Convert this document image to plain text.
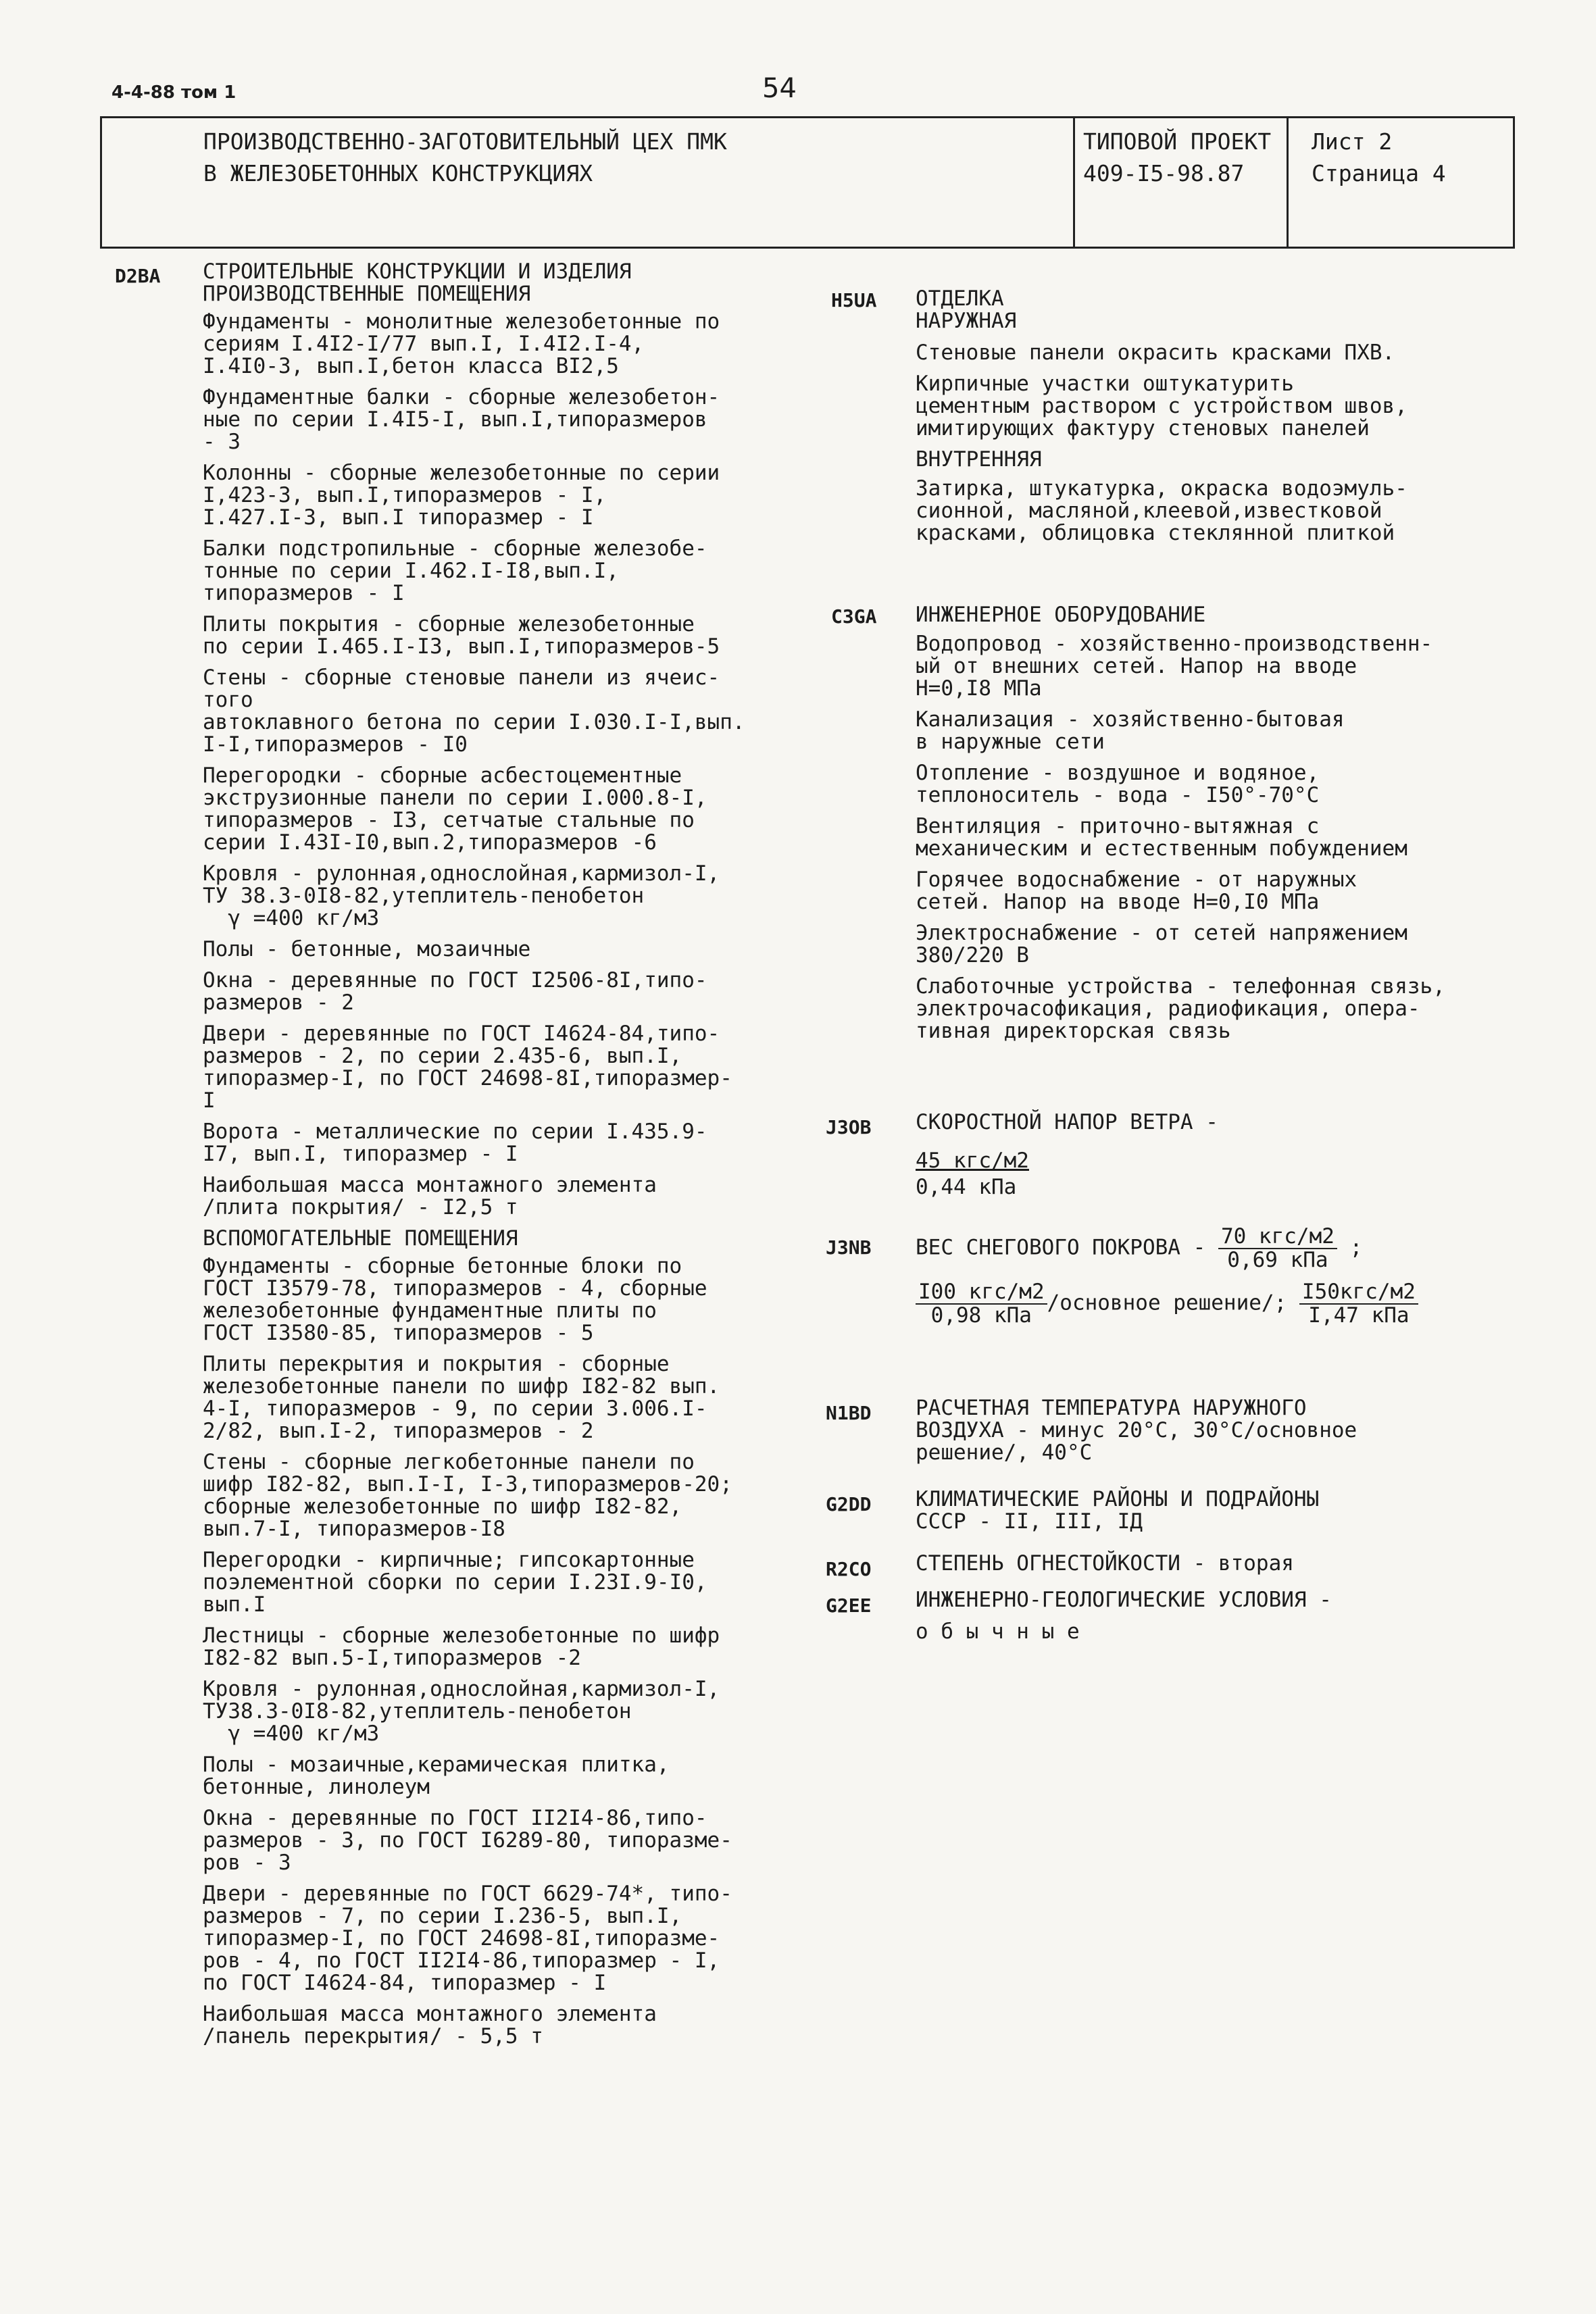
4-4-88 том 1	54
ПРОИЗВОДСТВЕННО-ЗАГОТОВИТЕЛЬНЫЙ ЦЕХ ПМК
В ЖЕЛЕЗОБЕТОННЫХ КОНСТРУКЦИЯХ
ТИПОВОЙ ПРОЕКТ
409-I5-98.87
Лист 2
Страница 4
D2BA СТРОИТЕЛЬНЫЕ КОНСТРУКЦИИ И ИЗДЕЛИЯ
ПРОИЗВОДСТВЕННЫЕ ПОМЕЩЕНИЯ
Фундаменты - монолитные железобетонные по
сериям I.4I2-I/77 вып.I, I.4I2.I-4,
I.4I0-3, вып.I,бетон класса BI2,5
Фундаментные балки - сборные железобетон-
ные по серии I.4I5-I, вып.I,типоразмеров
- 3
Колонны - сборные железобетонные по серии
I,423-3, вып.I,типоразмеров - I,
I.427.I-3, вып.I типоразмер - I
Балки подстропильные - сборные железобе-
тонные по серии I.462.I-I8,вып.I,
типоразмеров - I
Плиты покрытия - сборные железобетонные
по серии I.465.I-I3, вып.I,типоразмеров-5
Стены - сборные стеновые панели из ячеис-
того
автоклавного бетона по серии I.030.I-I,вып.
I-I,типоразмеров - I0
Перегородки - сборные асбестоцементные
экструзионные панели по серии I.000.8-I,
типоразмеров - I3, сетчатые стальные по
серии I.43I-I0,вып.2,типоразмеров -6
Кровля - рулонная,однослойная,кармизол-I,
ТУ 38.3-0I8-82,утеплитель-пенобетон
γ =400 кг/м3
Полы - бетонные, мозаичные
Окна - деревянные по ГОСТ I2506-8I,типо-
размеров - 2
Двери - деревянные по ГОСТ I4624-84,типо-
размеров - 2, по серии 2.435-6, вып.I,
типоразмер-I, по ГОСТ 24698-8I,типоразмер-
I
Ворота - металлические по серии I.435.9-
I7, вып.I, типоразмер - I
Наибольшая масса монтажного элемента
/плита покрытия/ - I2,5 т
ВСПОМОГАТЕЛЬНЫЕ ПОМЕЩЕНИЯ
Фундаменты - сборные бетонные блоки по
ГОСТ I3579-78, типоразмеров - 4, сборные
железобетонные фундаментные плиты по
ГОСТ I3580-85, типоразмеров - 5
Плиты перекрытия и покрытия - сборные
железобетонные панели по шифр I82-82 вып.
4-I, типоразмеров - 9, по серии 3.006.I-
2/82, вып.I-2, типоразмеров - 2
Стены - сборные легкобетонные панели по
шифр I82-82, вып.I-I, I-3,типоразмеров-20;
сборные железобетонные по шифр I82-82,
вып.7-I, типоразмеров-I8
Перегородки - кирпичные; гипсокартонные
поэлементной сборки по серии I.23I.9-I0,
вып.I
Лестницы - сборные железобетонные по шифр
I82-82 вып.5-I,типоразмеров -2
Кровля - рулонная,однослойная,кармизол-I,
ТУ38.3-0I8-82,утеплитель-пенобетон
γ =400 кг/м3
Полы - мозаичные,керамическая плитка,
бетонные, линолеум
Окна - деревянные по ГОСТ II2I4-86,типо-
размеров - 3, по ГОСТ I6289-80, типоразме-
ров - 3
Двери - деревянные по ГОСТ 6629-74*, типо-
размеров - 7, по серии I.236-5, вып.I,
типоразмер-I, по ГОСТ 24698-8I,типоразме-
ров - 4, по ГОСТ II2I4-86,типоразмер - I,
по ГОСТ I4624-84, типоразмер - I
Наибольшая масса монтажного элемента
/панель перекрытия/ - 5,5 т
H5UA ОТДЕЛКА
НАРУЖНАЯ
Стеновые панели окрасить красками ПХВ.
Кирпичные участки оштукатурить
цементным раствором с устройством швов,
имитирующих фактуру стеновых панелей
ВНУТРЕННЯЯ
Затирка, штукатурка, окраска водоэмуль-
сионной, масляной,клеевой,известковой
красками, облицовка стеклянной плиткой
C3GA ИНЖЕНЕРНОЕ ОБОРУДОВАНИЕ
Водопровод - хозяйственно-производственн-
ый от внешних сетей. Напор на вводе
H=0,I8 МПа
Канализация - хозяйственно-бытовая
в наружные сети
Отопление - воздушное и водяное,
теплоноситель - вода - I50°-70°С
Вентиляция - приточно-вытяжная с
механическим и естественным побуждением
Горячее водоснабжение - от наружных
сетей. Напор на вводе H=0,I0 МПа
Электроснабжение - от сетей напряжением
380/220 В
Слаботочные устройства - телефонная связь,
электрочасофикация, радиофикация, опера-
тивная директорская связь
J3OB СКОРОСТНОЙ НАПОР ВЕТРА -
45 кгс/м2
0,44 кПа
J3NB ВЕС СНЕГОВОГО ПОКРОВА - $\frac{\text{70 кгс/м2}}{\text{0,69 кПа}}$ ;
$\frac{\text{I00 кгс/м2}}{\text{0,98 кПа}}$ /основное решение/; $\frac{\text{I50кгс/м2}}{\text{I,47 кПа}}$
N1BD РАСЧЕТНАЯ ТЕМПЕРАТУРА НАРУЖНОГО
ВОЗДУХА - минус 20°С, 30°С/основное
решение/, 40°С
G2DD КЛИМАТИЧЕСКИЕ РАЙОНЫ И ПОДРАЙОНЫ
СССР - II, III, IД
R2CO СТЕПЕНЬ ОГНЕСТОЙКОСТИ - вторая
G2EE ИНЖЕНЕРНО-ГЕОЛОГИЧЕСКИЕ УСЛОВИЯ -
о б ы ч н ы е
